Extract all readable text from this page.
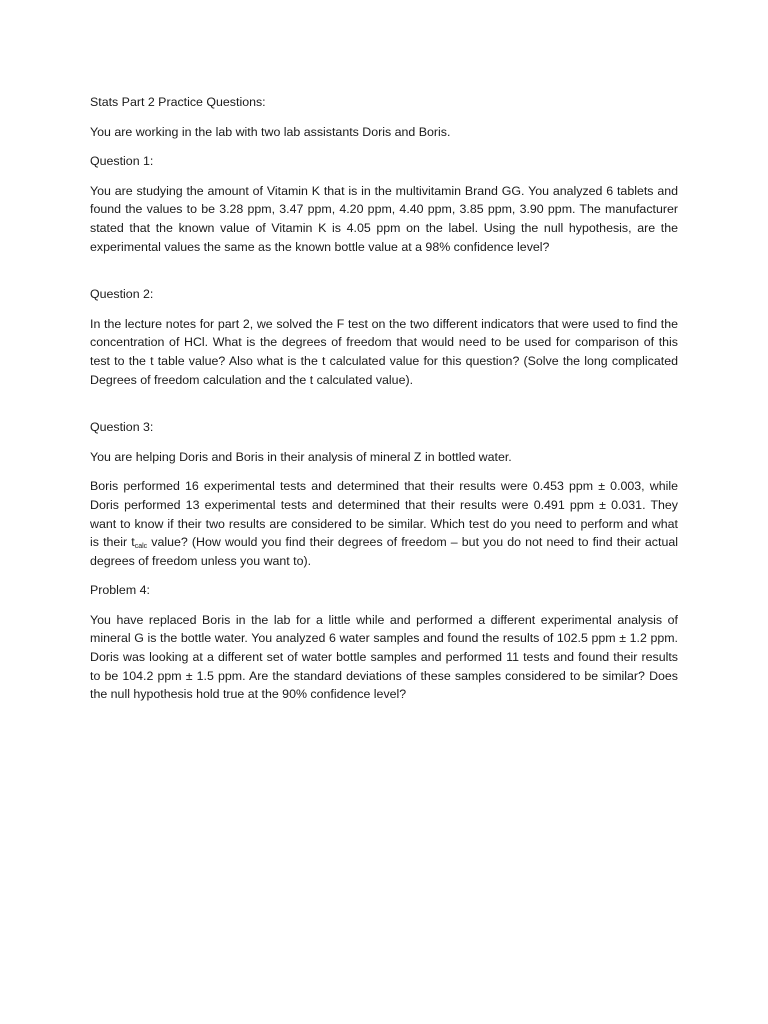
Stats Part 2 Practice Questions:

You are working in the lab with two lab assistants Doris and Boris.

Question 1:

You are studying the amount of Vitamin K that is in the multivitamin Brand GG. You analyzed 6 tablets and found the values to be 3.28 ppm, 3.47 ppm, 4.20 ppm, 4.40 ppm, 3.85 ppm, 3.90 ppm. The manufacturer stated that the known value of Vitamin K is 4.05 ppm on the label. Using the null hypothesis, are the experimental values the same as the known bottle value at a 98% confidence level?

Question 2:

In the lecture notes for part 2, we solved the F test on the two different indicators that were used to find the concentration of HCl. What is the degrees of freedom that would need to be used for comparison of this test to the t table value? Also what is the t calculated value for this question? (Solve the long complicated Degrees of freedom calculation and the t calculated value).

Question 3:

You are helping Doris and Boris in their analysis of mineral Z in bottled water.

Boris performed 16 experimental tests and determined that their results were 0.453 ppm ± 0.003, while Doris performed 13 experimental tests and determined that their results were 0.491 ppm ± 0.031. They want to know if their two results are considered to be similar. Which test do you need to perform and what is their $t_{calc}$ value? (How would you find their degrees of freedom – but you do not need to find their actual degrees of freedom unless you want to).

Problem 4:

You have replaced Boris in the lab for a little while and performed a different experimental analysis of mineral G is the bottle water. You analyzed 6 water samples and found the results of 102.5 ppm ± 1.2 ppm. Doris was looking at a different set of water bottle samples and performed 11 tests and found their results to be 104.2 ppm ± 1.5 ppm. Are the standard deviations of these samples considered to be similar? Does the null hypothesis hold true at the 90% confidence level?
